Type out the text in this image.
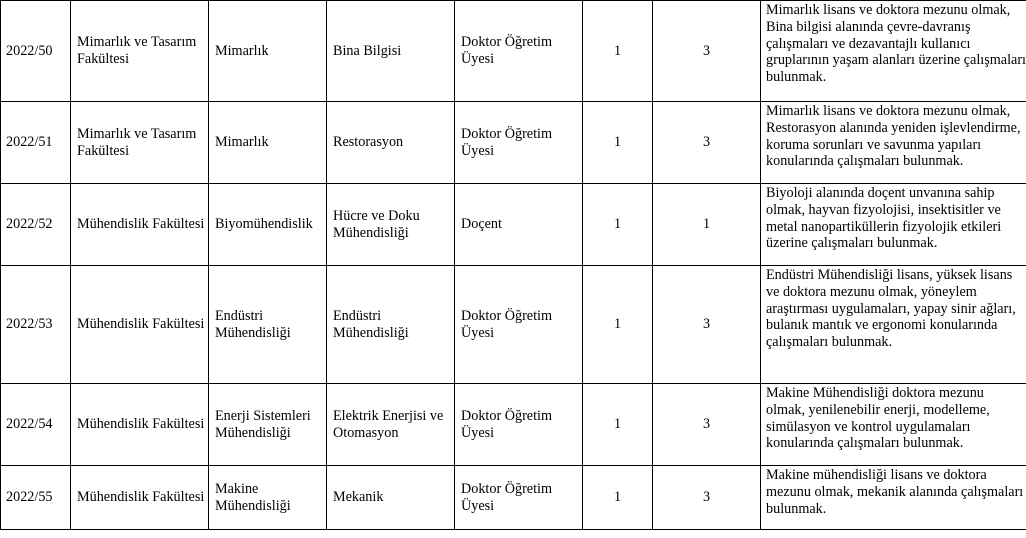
2022/50	Mimarlık ve Tasarım Fakültesi	Mimarlık	Bina Bilgisi	Doktor Öğretim Üyesi	1	3	Mimarlık lisans ve doktora mezunu olmak, Bina bilgisi alanında çevre-davranış çalışmaları ve dezavantajlı kullanıcı gruplarının yaşam alanları üzerine çalışmaları bulunmak.
2022/51	Mimarlık ve Tasarım Fakültesi	Mimarlık	Restorasyon	Doktor Öğretim Üyesi	1	3	Mimarlık lisans ve doktora mezunu olmak, Restorasyon alanında yeniden işlevlendirme, koruma sorunları ve savunma yapıları konularında çalışmaları bulunmak.
2022/52	Mühendislik Fakültesi	Biyomühendislik	Hücre ve Doku Mühendisliği	Doçent	1	1	Biyoloji alanında doçent unvanına sahip olmak, hayvan fizyolojisi, insektisitler ve metal nanopartiküllerin fizyolojik etkileri üzerine çalışmaları bulunmak.
2022/53	Mühendislik Fakültesi	Endüstri Mühendisliği	Endüstri Mühendisliği	Doktor Öğretim Üyesi	1	3	Endüstri Mühendisliği lisans, yüksek lisans ve doktora mezunu olmak, yöneylem araştırması uygulamaları, yapay sinir ağları, bulanık mantık ve ergonomi konularında çalışmaları bulunmak.
2022/54	Mühendislik Fakültesi	Enerji Sistemleri Mühendisliği	Elektrik Enerjisi ve Otomasyon	Doktor Öğretim Üyesi	1	3	Makine Mühendisliği doktora mezunu olmak, yenilenebilir enerji, modelleme, simülasyon ve kontrol uygulamaları konularında çalışmaları bulunmak.
2022/55	Mühendislik Fakültesi	Makine Mühendisliği	Mekanik	Doktor Öğretim Üyesi	1	3	Makine mühendisliği lisans ve doktora mezunu olmak, mekanik alanında çalışmaları bulunmak.
